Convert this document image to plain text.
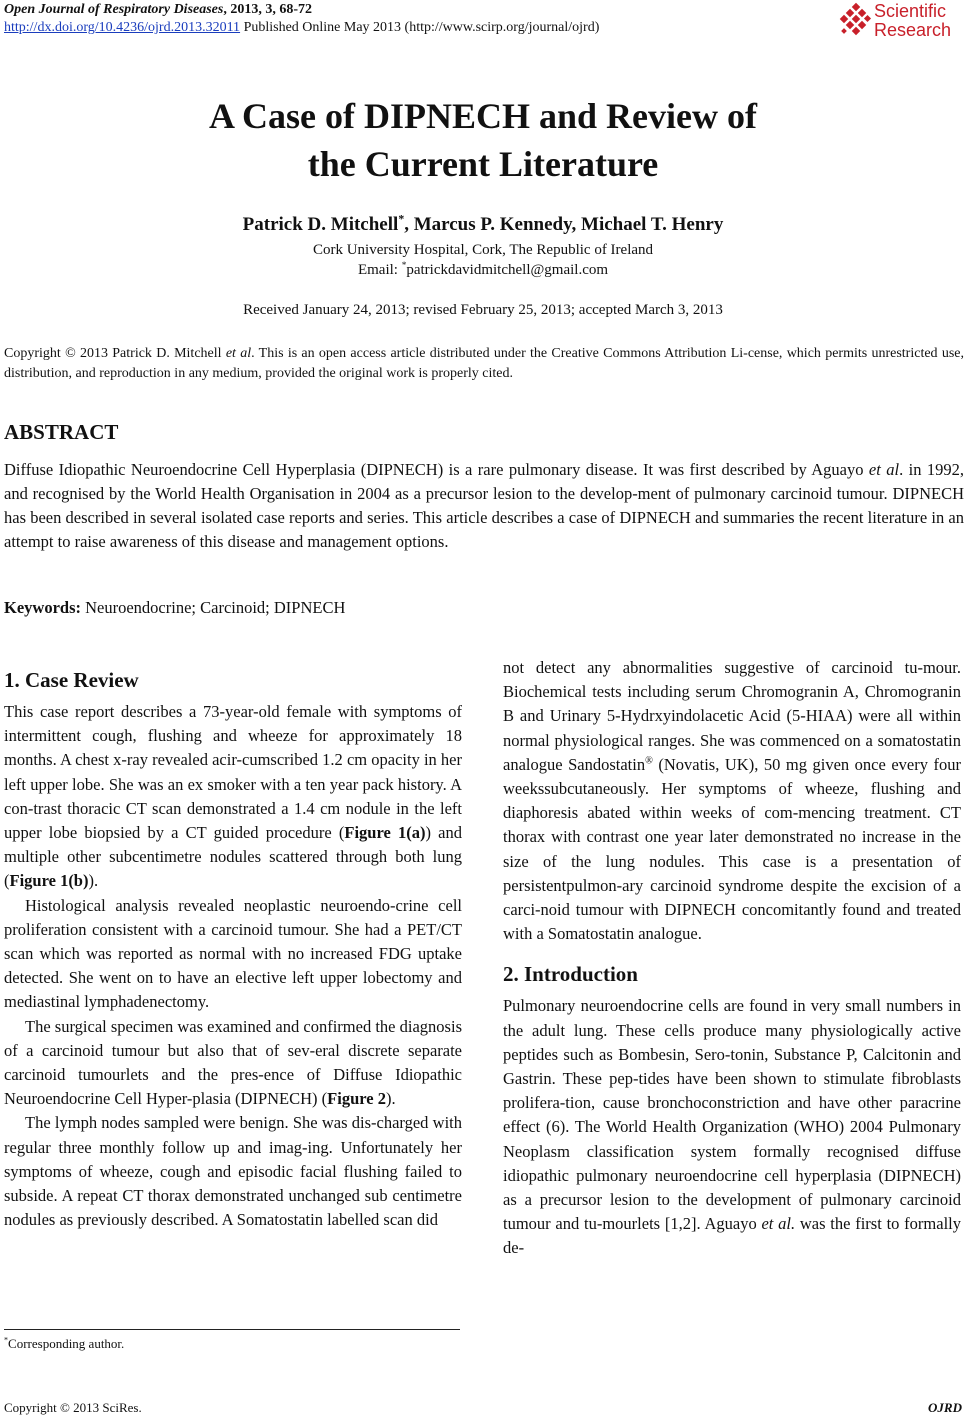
Open Journal of Respiratory Diseases, 2013, 3, 68-72
http://dx.doi.org/10.4236/ojrd.2013.32011 Published Online May 2013 (http://www.scirp.org/journal/ojrd)
Scientific
Research
A Case of DIPNECH and Review of
the Current Literature
Patrick D. Mitchell*, Marcus P. Kennedy, Michael T. Henry
Cork University Hospital, Cork, The Republic of Ireland
Email: *patrickdavidmitchell@gmail.com
Received January 24, 2013; revised February 25, 2013; accepted March 3, 2013
Copyright © 2013 Patrick D. Mitchell et al. This is an open access article distributed under the Creative Commons Attribution Li-cense, which permits unrestricted use, distribution, and reproduction in any medium, provided the original work is properly cited.
ABSTRACT
Diffuse Idiopathic Neuroendocrine Cell Hyperplasia (DIPNECH) is a rare pulmonary disease. It was first described by Aguayo et al. in 1992, and recognised by the World Health Organisation in 2004 as a precursor lesion to the develop-ment of pulmonary carcinoid tumour. DIPNECH has been described in several isolated case reports and series. This article describes a case of DIPNECH and summaries the recent literature in an attempt to raise awareness of this disease and management options.
Keywords: Neuroendocrine; Carcinoid; DIPNECH
1. Case Review

This case report describes a 73-year-old female with symptoms of intermittent cough, flushing and wheeze for approximately 18 months. A chest x-ray revealed acir-cumscribed 1.2 cm opacity in her left upper lobe. She was an ex smoker with a ten year pack history. A con-trast thoracic CT scan demonstrated a 1.4 cm nodule in the left upper lobe biopsied by a CT guided procedure (Figure 1(a)) and multiple other subcentimetre nodules scattered through both lung (Figure 1(b)).

Histological analysis revealed neoplastic neuroendo-crine cell proliferation consistent with a carcinoid tumour. She had a PET/CT scan which was reported as normal with no increased FDG uptake detected. She went on to have an elective left upper lobectomy and mediastinal lymphadenectomy.

The surgical specimen was examined and confirmed the diagnosis of a carcinoid tumour but also that of sev-eral discrete separate carcinoid tumourlets and the pres-ence of Diffuse Idiopathic Neuroendocrine Cell Hyper-plasia (DIPNECH) (Figure 2).

The lymph nodes sampled were benign. She was dis-charged with regular three monthly follow up and imag-ing. Unfortunately her symptoms of wheeze, cough and episodic facial flushing failed to subside. A repeat CT thorax demonstrated unchanged sub centimetre nodules as previously described. A Somatostatin labelled scan did

not detect any abnormalities suggestive of carcinoid tu-mour. Biochemical tests including serum Chromogranin A, Chromogranin B and Urinary 5-Hydrxyindolacetic Acid (5-HIAA) were all within normal physiological ranges. She was commenced on a somatostatin analogue Sandostatin® (Novatis, UK), 50 mg given once every four weekssubcutaneously. Her symptoms of wheeze, flushing and diaphoresis abated within weeks of com-mencing treatment. CT thorax with contrast one year later demonstrated no increase in the size of the lung nodules. This case is a presentation of persistentpulmon-ary carcinoid syndrome despite the excision of a carci-noid tumour with DIPNECH concomitantly found and treated with a Somatostatin analogue.

2. Introduction

Pulmonary neuroendocrine cells are found in very small numbers in the adult lung. These cells produce many physiologically active peptides such as Bombesin, Sero-tonin, Substance P, Calcitonin and Gastrin. These pep-tides have been shown to stimulate fibroblasts prolifera-tion, cause bronchoconstriction and have other paracrine effect (6). The World Health Organization (WHO) 2004 Pulmonary Neoplasm classification system formally recognised diffuse idiopathic pulmonary neuroendocrine cell hyperplasia (DIPNECH) as a precursor lesion to the development of pulmonary carcinoid tumour and tu-mourlets [1,2]. Aguayo et al. was the first to formally de-

*Corresponding author.
Copyright © 2013 SciRes.	OJRD
